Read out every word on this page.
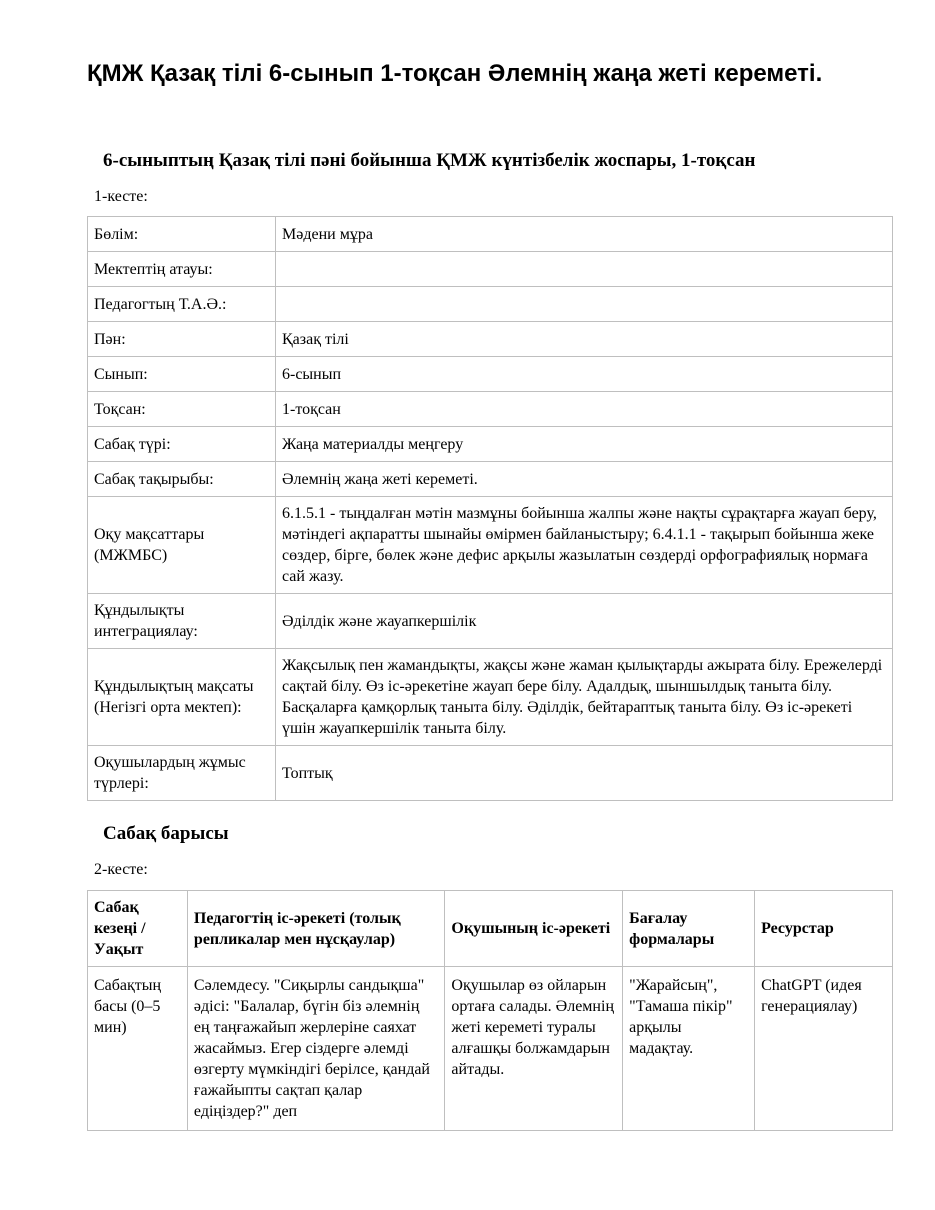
ҚМЖ Қазақ тілі 6-сынып 1-тоқсан Әлемнің жаңа жеті кереметі.
6-сыныптың Қазақ тілі пәні бойынша ҚМЖ күнтізбелік жоспары, 1-тоқсан
1-кесте:
Бөлім:	Мәдени мұра
Мектептің атауы:	
Педагогтың Т.А.Ә.:	
Пән:	Қазақ тілі
Сынып:	6-сынып
Тоқсан:	1-тоқсан
Сабақ түрі:	Жаңа материалды меңгеру
Сабақ тақырыбы:	Әлемнің жаңа жеті кереметі.
Оқу мақсаттары (МЖМБС)	6.1.5.1 - тыңдалған мәтін мазмұны бойынша жалпы және нақты сұрақтарға жауап беру, мәтіндегі ақпаратты шынайы өмірмен байланыстыру; 6.4.1.1 - тақырып бойынша жеке сөздер, бірге, бөлек және дефис арқылы жазылатын сөздерді орфографиялық нормаға сай жазу.
Құндылықты интеграциялау:	Әділдік және жауапкершілік
Құндылықтың мақсаты (Негізгі орта мектеп):	Жақсылық пен жамандықты, жақсы және жаман қылықтарды ажырата білу. Ережелерді сақтай білу. Өз іс-әрекетіне жауап бере білу. Адалдық, шыншылдық таныта білу. Басқаларға қамқорлық таныта білу. Әділдік, бейтараптық таныта білу. Өз іс-әрекеті үшін жауапкершілік таныта білу.
Оқушылардың жұмыс түрлері:	Топтық
Сабақ барысы
2-кесте:
Сабақ кезеңі / Уақыт	Педагогтің іс-әрекеті (толық репликалар мен нұсқаулар)	Оқушының іс-әрекеті	Бағалау формалары	Ресурстар
Сабақтың басы (0–5 мин)	Сәлемдесу. "Сиқырлы сандықша" әдісі: "Балалар, бүгін біз әлемнің ең таңғажайып жерлеріне саяхат жасаймыз. Егер сіздерге әлемді өзгерту мүмкіндігі берілсе, қандай ғажайыпты сақтап қалар едіңіздер?" деп	Оқушылар өз ойларын ортаға салады. Әлемнің жеті кереметі туралы алғашқы болжамдарын айтады.	"Жарайсың", "Тамаша пікір" арқылы мадақтау.	ChatGPT (идея генерациялау)
